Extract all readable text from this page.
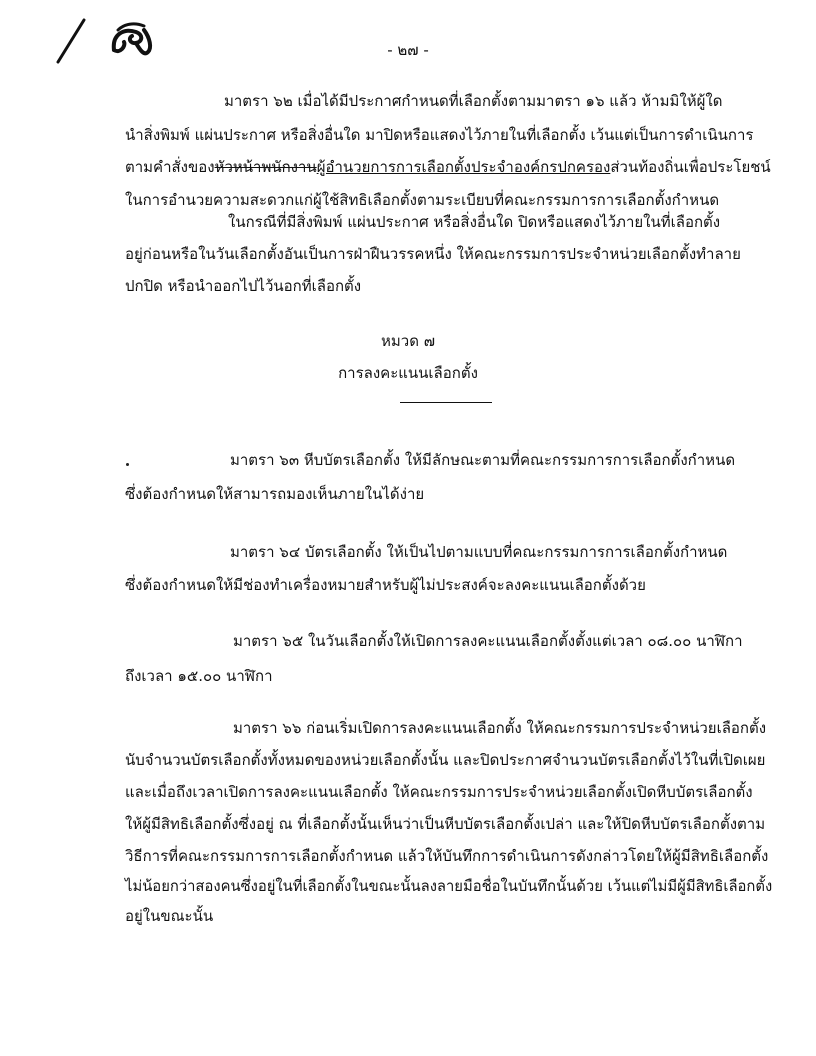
- ๒๗ -
มาตรา ๖๒ เมื่อได้มีประกาศกำหนดที่เลือกตั้งตามมาตรา ๑๖ แล้ว ห้ามมิให้ผู้ใด
นำสิ่งพิมพ์ แผ่นประกาศ หรือสิ่งอื่นใด มาปิดหรือแสดงไว้ภายในที่เลือกตั้ง เว้นแต่เป็นการดำเนินการ
ตามคำสั่งของหัวหน้าพนักงานผู้อำนวยการการเลือกตั้งประจำองค์กรปกครองส่วนท้องถิ่นเพื่อประโยชน์
ในการอำนวยความสะดวกแก่ผู้ใช้สิทธิเลือกตั้งตามระเบียบที่คณะกรรมการการเลือกตั้งกำหนด
ในกรณีที่มีสิ่งพิมพ์ แผ่นประกาศ หรือสิ่งอื่นใด ปิดหรือแสดงไว้ภายในที่เลือกตั้ง
อยู่ก่อนหรือในวันเลือกตั้งอันเป็นการฝ่าฝืนวรรคหนึ่ง ให้คณะกรรมการประจำหน่วยเลือกตั้งทำลาย
ปกปิด หรือนำออกไปไว้นอกที่เลือกตั้ง
หมวด ๗
การลงคะแนนเลือกตั้ง
มาตรา ๖๓ หีบบัตรเลือกตั้ง ให้มีลักษณะตามที่คณะกรรมการการเลือกตั้งกำหนด
ซึ่งต้องกำหนดให้สามารถมองเห็นภายในได้ง่าย
มาตรา ๖๔ บัตรเลือกตั้ง ให้เป็นไปตามแบบที่คณะกรรมการการเลือกตั้งกำหนด
ซึ่งต้องกำหนดให้มีช่องทำเครื่องหมายสำหรับผู้ไม่ประสงค์จะลงคะแนนเลือกตั้งด้วย
มาตรา ๖๕ ในวันเลือกตั้งให้เปิดการลงคะแนนเลือกตั้งตั้งแต่เวลา ๐๘.๐๐ นาฬิกา
ถึงเวลา ๑๕.๐๐ นาฬิกา
มาตรา ๖๖ ก่อนเริ่มเปิดการลงคะแนนเลือกตั้ง ให้คณะกรรมการประจำหน่วยเลือกตั้ง
นับจำนวนบัตรเลือกตั้งทั้งหมดของหน่วยเลือกตั้งนั้น และปิดประกาศจำนวนบัตรเลือกตั้งไว้ในที่เปิดเผย
และเมื่อถึงเวลาเปิดการลงคะแนนเลือกตั้ง ให้คณะกรรมการประจำหน่วยเลือกตั้งเปิดหีบบัตรเลือกตั้ง
ให้ผู้มีสิทธิเลือกตั้งซึ่งอยู่ ณ ที่เลือกตั้งนั้นเห็นว่าเป็นหีบบัตรเลือกตั้งเปล่า และให้ปิดหีบบัตรเลือกตั้งตาม
วิธีการที่คณะกรรมการการเลือกตั้งกำหนด แล้วให้บันทึกการดำเนินการดังกล่าวโดยให้ผู้มีสิทธิเลือกตั้ง
ไม่น้อยกว่าสองคนซึ่งอยู่ในที่เลือกตั้งในขณะนั้นลงลายมือชื่อในบันทึกนั้นด้วย เว้นแต่ไม่มีผู้มีสิทธิเลือกตั้ง
อยู่ในขณะนั้น
